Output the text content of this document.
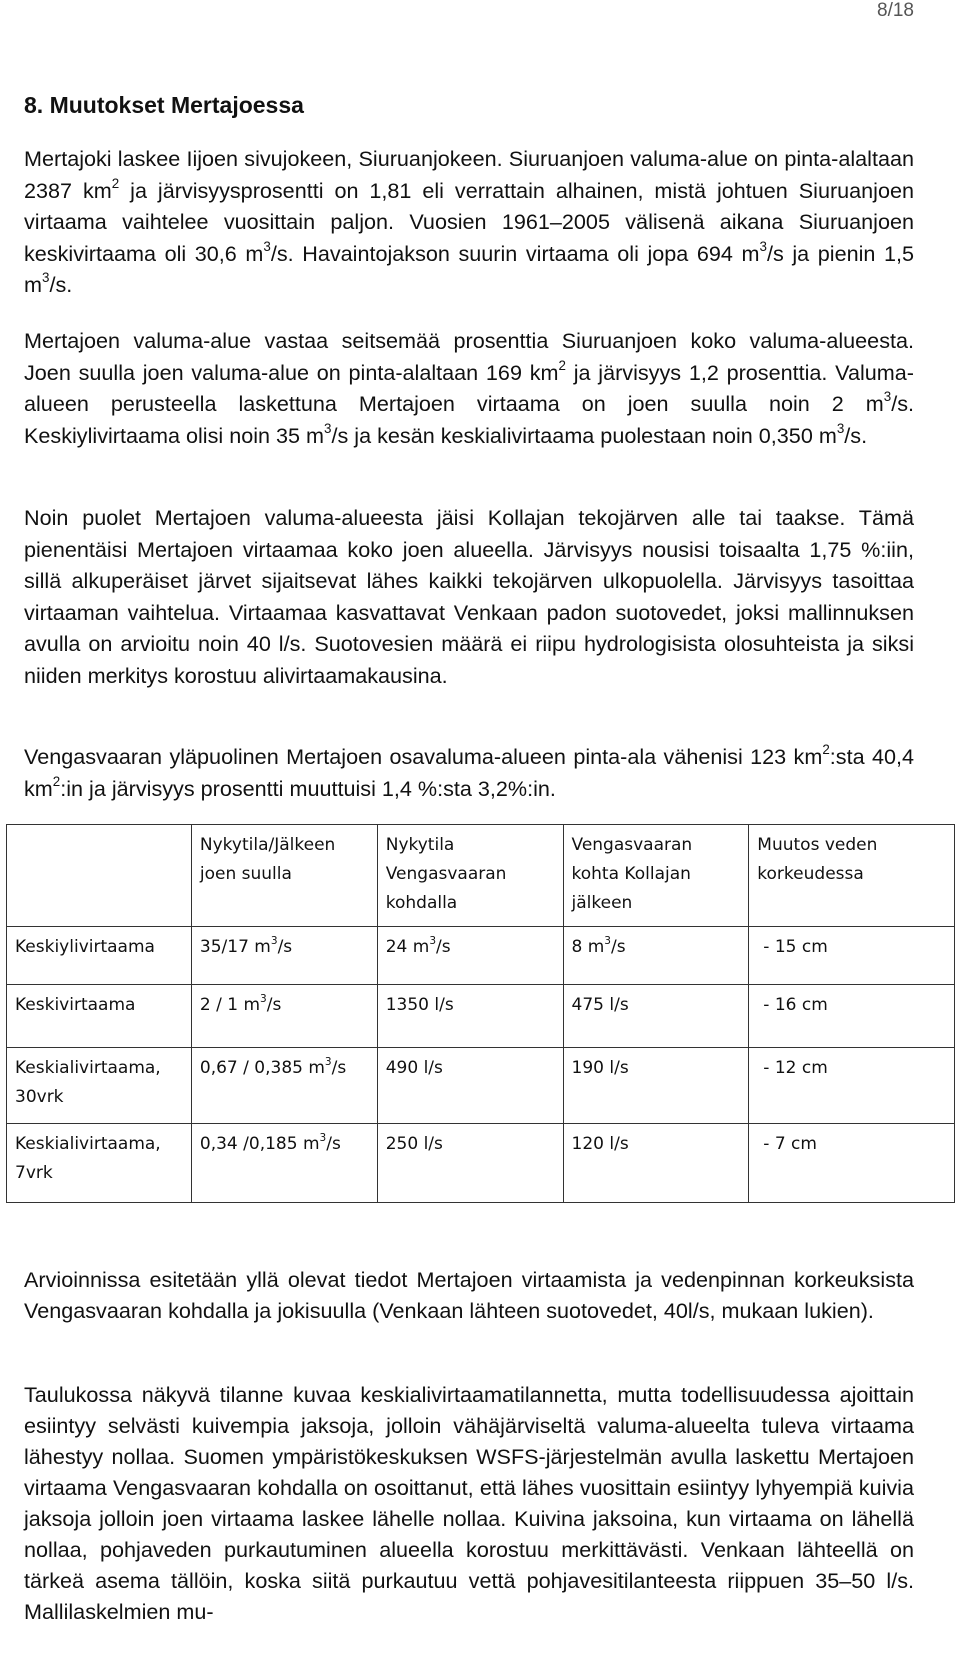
8/18
8. Muutokset Mertajoessa

Mertajoki laskee Iijoen sivujokeen, Siuruanjokeen. Siuruanjoen valuma-alue on pinta-alaltaan 2387 $km^2$ ja järvisyysprosentti on 1,81 eli verrattain alhainen, mistä johtuen Siuruanjoen virtaama vaihtelee vuosittain paljon. Vuosien 1961–2005 välisenä aikana Siuruanjoen keskivirtaama oli 30,6 $m^3/s$. Havaintojakson suurin virtaama oli jopa 694 $m^3/s$ ja pienin 1,5 $m^3/s$.

Mertajoen valuma-alue vastaa seitsemää prosenttia Siuruanjoen koko valuma-alueesta. Joen suulla joen valuma-alue on pinta-alaltaan 169 $km^2$ ja järvisyys 1,2 prosenttia. Valuma-alueen perusteella laskettuna Mertajoen virtaama on joen suulla noin 2 $m^3/s$. Keskiylivirtaama olisi noin 35 $m^3/s$ ja kesän keskialivirtaama puolestaan noin 0,350 $m^3/s$.

Noin puolet Mertajoen valuma-alueesta jäisi Kollajan tekojärven alle tai taakse. Tämä pienentäisi Mertajoen virtaamaa koko joen alueella. Järvisyys nousisi toisaalta 1,75 %:iin, sillä alkuperäiset järvet sijaitsevat lähes kaikki tekojärven ulkopuolella. Järvisyys tasoittaa virtaaman vaihtelua. Virtaamaa kasvattavat Venkaan padon suotovedet, joksi mallinnuksen avulla on arvioitu noin 40 l/s. Suotovesien määrä ei riipu hydrologisista olosuhteista ja siksi niiden merkitys korostuu alivirtaamakausina.

Vengasvaaran yläpuolinen Mertajoen osavaluma-alueen pinta-ala vähenisi 123 $km^2:sta$ 40,4 $km^2:in$ ja järvisyys prosentti muuttuisi 1,4 %:sta 3,2%:in.

	Nykytila/Jälkeen joen suulla	Nykytila Vengasvaaran kohdalla	Vengasvaaran kohta Kollajan jälkeen	Muutos veden korkeudessa
Keskiylivirtaama	35/17 $m^3/s$	24 $m^3/s$	8 $m^3/s$	- 15 cm
Keskivirtaama	2 / 1 $m^3/s$	1350 l/s	475 l/s	- 16 cm
Keskialivirtaama, 30vrk	0,67 / 0,385 $m^3/s$	490 l/s	190 l/s	- 12 cm
Keskialivirtaama, 7vrk	0,34 /0,185 $m^3/s$	250 l/s	120 l/s	- 7 cm

Arvioinnissa esitetään yllä olevat tiedot Mertajoen virtaamista ja vedenpinnan korkeuksista Vengasvaaran kohdalla ja jokisuulla (Venkaan lähteen suotovedet, 40l/s, mukaan lukien).

Taulukossa näkyvä tilanne kuvaa keskialivirtaamatilannetta, mutta todellisuudessa ajoittain esiintyy selvästi kuivempia jaksoja, jolloin vähäjärviseltä valuma-alueelta tuleva virtaama lähestyy nollaa. Suomen ympäristökeskuksen WSFS-järjestelmän avulla laskettu Mertajoen virtaama Vengasvaaran kohdalla on osoittanut, että lähes vuosittain esiintyy lyhyempiä kuivia jaksoja jolloin joen virtaama laskee lähelle nollaa. Kuivina jaksoina, kun virtaama on lähellä nollaa, pohjaveden purkautuminen alueella korostuu merkittävästi. Venkaan lähteellä on tärkeä asema tällöin, koska siitä purkautuu vettä pohjavesitilanteesta riippuen 35–50 l/s. Mallilaskelmien mu-
